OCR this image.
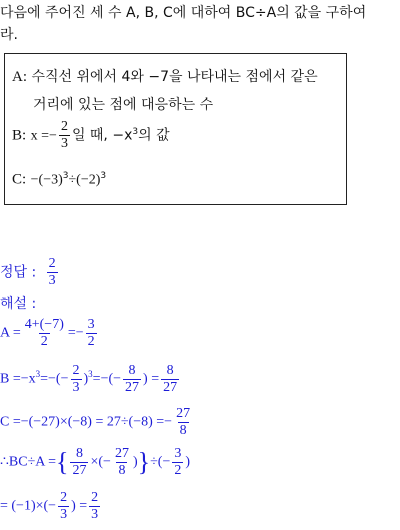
다음에 주어진 세 수 A, B, C에 대하여 BC÷A의 값을 구하여
라.
A: 수직선 위에서 4와 −7을 나타내는 점에서 같은
거리에 있는 점에 대응하는 수
B: $x =- \frac{2}{3}$ 일 때, $-x^3$의 값
C: $-(-3)^3\div(-2)^3$
정답 : $\frac{2}{3}$
해설 :
$A = \frac{4+(-7)}{2} =- \frac{3}{2}$
$B =-x^3=-(- \frac{2}{3} )^3=-(- \frac{8}{27}$ ) = $\frac{8}{27}$
$C =-(-27)\times(-8) = 27\div(-8) =- \frac{27}{8}$
∴BC÷A ={ $\frac{8}{27}$ ×(− $\frac{27}{8}$ )}÷(− $\frac{3}{2}$ )
= $(-1)\times(- \frac{2}{3}$ ) = $\frac{2}{3}$
